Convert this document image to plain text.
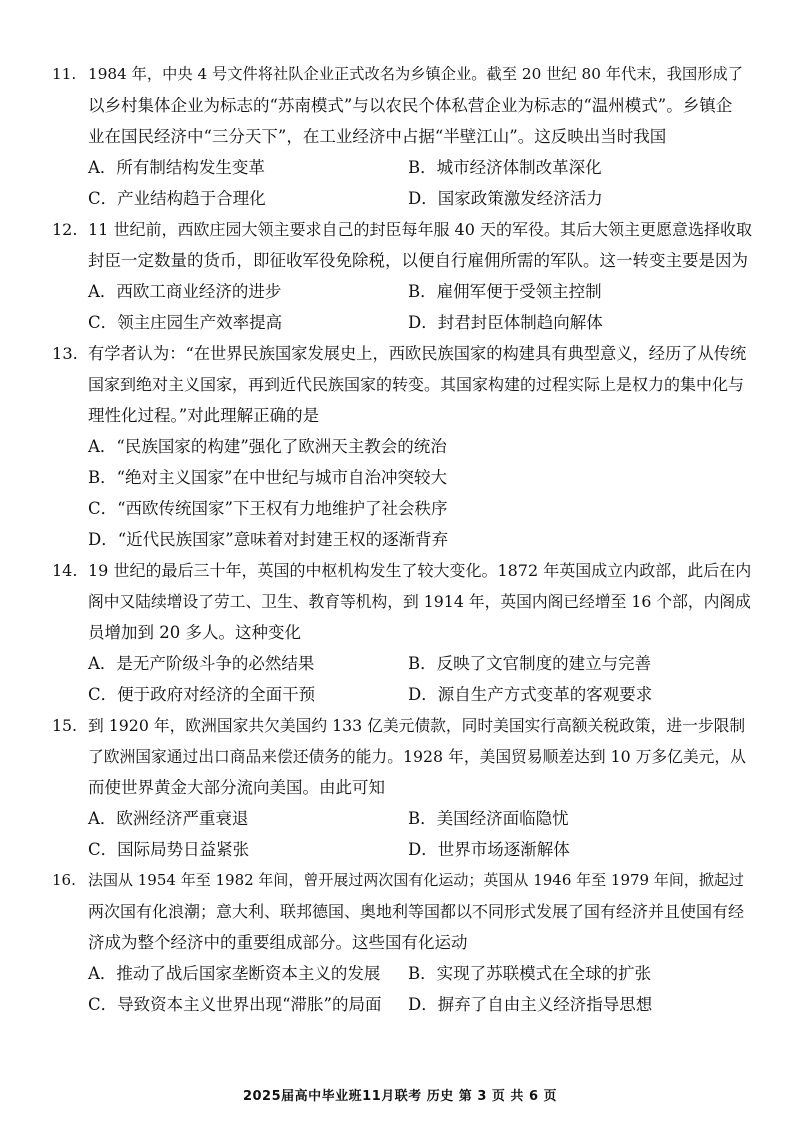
11. 1984 年，中央 4 号文件将社队企业正式改名为乡镇企业。截至 20 世纪 80 年代末，我国形成了
以乡村集体企业为标志的“苏南模式”与以农民个体私营企业为标志的“温州模式”。乡镇企
业在国民经济中“三分天下”，在工业经济中占据“半壁江山”。这反映出当时我国
A．所有制结构发生变革	B．城市经济体制改革深化
C．产业结构趋于合理化	D．国家政策激发经济活力
12. 11 世纪前，西欧庄园大领主要求自己的封臣每年服 40 天的军役。其后大领主更愿意选择收取
封臣一定数量的货币，即征收军役免除税，以便自行雇佣所需的军队。这一转变主要是因为
A．西欧工商业经济的进步	B．雇佣军便于受领主控制
C．领主庄园生产效率提高	D．封君封臣体制趋向解体
13. 有学者认为：“在世界民族国家发展史上，西欧民族国家的构建具有典型意义，经历了从传统
国家到绝对主义国家，再到近代民族国家的转变。其国家构建的过程实际上是权力的集中化与
理性化过程。”对此理解正确的是
A．“民族国家的构建”强化了欧洲天主教会的统治
B．“绝对主义国家”在中世纪与城市自治冲突较大
C．“西欧传统国家”下王权有力地维护了社会秩序
D．“近代民族国家”意味着对封建王权的逐渐背弃
14. 19 世纪的最后三十年，英国的中枢机构发生了较大变化。1872 年英国成立内政部，此后在内
阁中又陆续增设了劳工、卫生、教育等机构，到 1914 年，英国内阁已经增至 16 个部，内阁成
员增加到 20 多人。这种变化
A．是无产阶级斗争的必然结果	B．反映了文官制度的建立与完善
C．便于政府对经济的全面干预	D．源自生产方式变革的客观要求
15. 到 1920 年，欧洲国家共欠美国约 133 亿美元债款，同时美国实行高额关税政策，进一步限制
了欧洲国家通过出口商品来偿还债务的能力。1928 年，美国贸易顺差达到 10 万多亿美元，从
而使世界黄金大部分流向美国。由此可知
A．欧洲经济严重衰退	B．美国经济面临隐忧
C．国际局势日益紧张	D．世界市场逐渐解体
16. 法国从 1954 年至 1982 年间，曾开展过两次国有化运动；英国从 1946 年至 1979 年间，掀起过
两次国有化浪潮；意大利、联邦德国、奥地利等国都以不同形式发展了国有经济并且使国有经
济成为整个经济中的重要组成部分。这些国有化运动
A．推动了战后国家垄断资本主义的发展 B．实现了苏联模式在全球的扩张
C．导致资本主义世界出现“滞胀”的局面 D．摒弃了自由主义经济指导思想
2025届高中毕业班11月联考 历史 第 3 页 共 6 页
